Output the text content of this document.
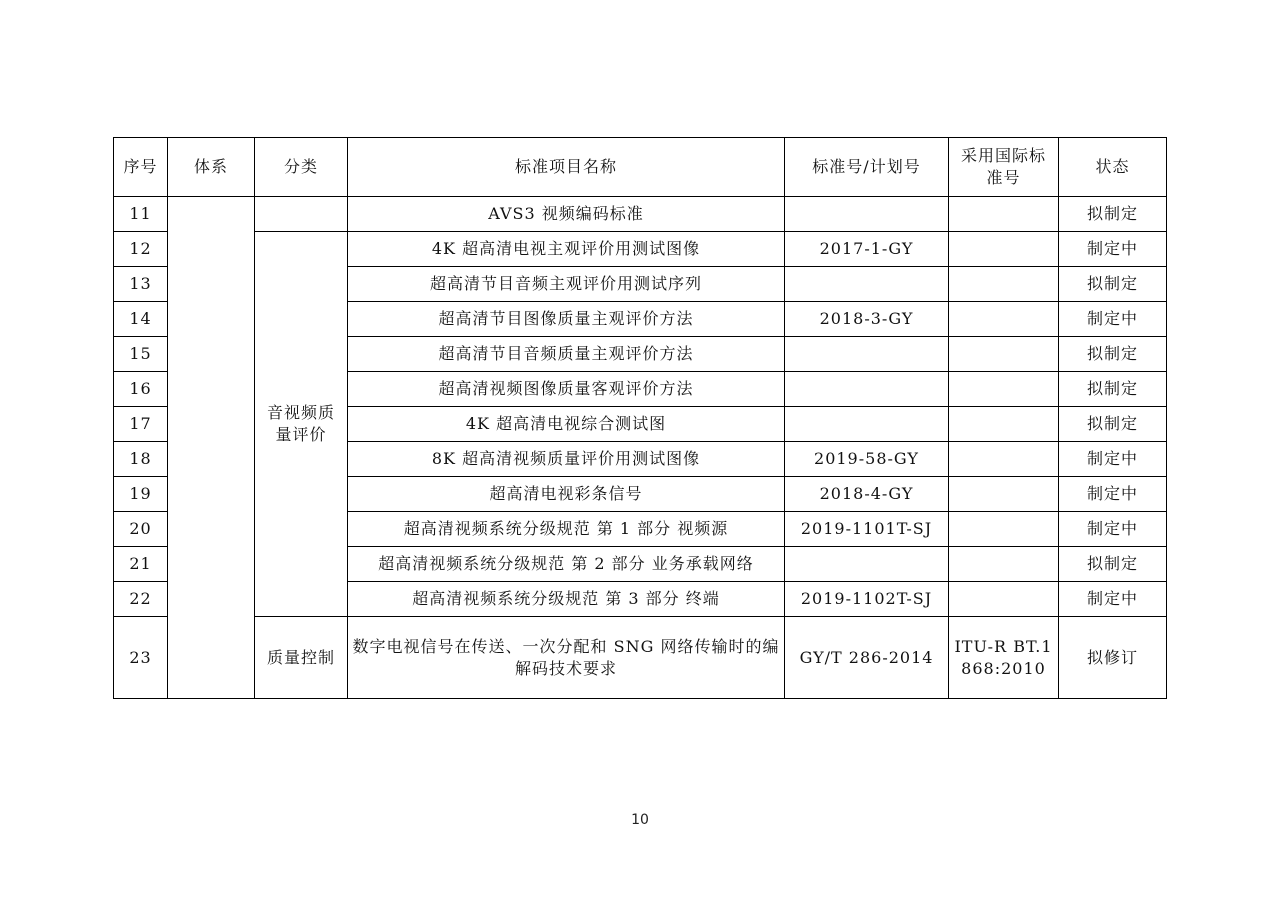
序号	体系	分类	标准项目名称	标准号/计划号	采用国际标准号	状态
11			AVS3 视频编码标准			拟制定
12		音视频质量评价	4K 超高清电视主观评价用测试图像	2017-1-GY		制定中
13			超高清节目音频主观评价用测试序列			拟制定
14			超高清节目图像质量主观评价方法	2018-3-GY		制定中
15			超高清节目音频质量主观评价方法			拟制定
16			超高清视频图像质量客观评价方法			拟制定
17			4K 超高清电视综合测试图			拟制定
18			8K 超高清视频质量评价用测试图像	2019-58-GY		制定中
19			超高清电视彩条信号	2018-4-GY		制定中
20			超高清视频系统分级规范 第 1 部分 视频源	2019-1101T-SJ		制定中
21			超高清视频系统分级规范 第 2 部分 业务承载网络			拟制定
22			超高清视频系统分级规范 第 3 部分 终端	2019-1102T-SJ		制定中
23		质量控制	数字电视信号在传送、一次分配和 SNG 网络传输时的编解码技术要求	GY/T 286-2014	ITU-R BT.1868:2010	拟修订
10
